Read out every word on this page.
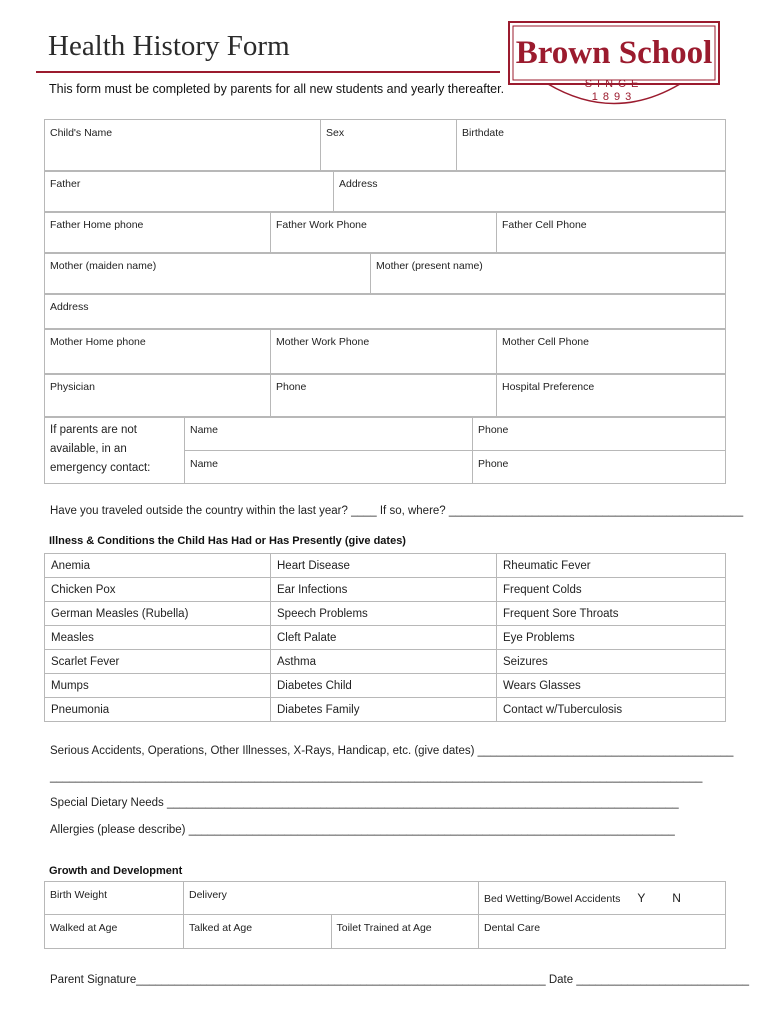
Health History Form
This form must be completed by parents for all new students and yearly thereafter.
Brown School
SINCE
1893
Child's Name	Sex	Birthdate
Father	Address
Father Home phone	Father Work Phone	Father Cell Phone
Mother (maiden name)	Mother (present name)
Address
Mother Home phone	Mother Work Phone	Mother Cell Phone
Physician	Phone	Hospital Preference
If parents are not available, in an emergency contact:	Name	Phone
	Name	Phone
Have you traveled outside the country within the last year? ____ If so, where? ______________________________________________
Illness & Conditions the Child Has Had or Has Presently (give dates)
Anemia	Heart Disease	Rheumatic Fever
Chicken Pox	Ear Infections	Frequent Colds
German Measles (Rubella)	Speech Problems	Frequent Sore Throats
Measles	Cleft Palate	Eye Problems
Scarlet Fever	Asthma	Seizures
Mumps	Diabetes Child	Wears Glasses
Pneumonia	Diabetes Family	Contact w/Tuberculosis
Serious Accidents, Operations, Other Illnesses, X-Rays, Handicap, etc. (give dates) ________________________________________
______________________________________________________________________________________________________
Special Dietary Needs ________________________________________________________________________________
Allergies (please describe) ____________________________________________________________________________
Growth and Development
Birth Weight	Delivery		Bed Wetting/Bowel Accidents Y N
Walked at Age	Talked at Age	Toilet Trained at Age	Dental Care
Parent Signature________________________________________________________________ Date ___________________________
